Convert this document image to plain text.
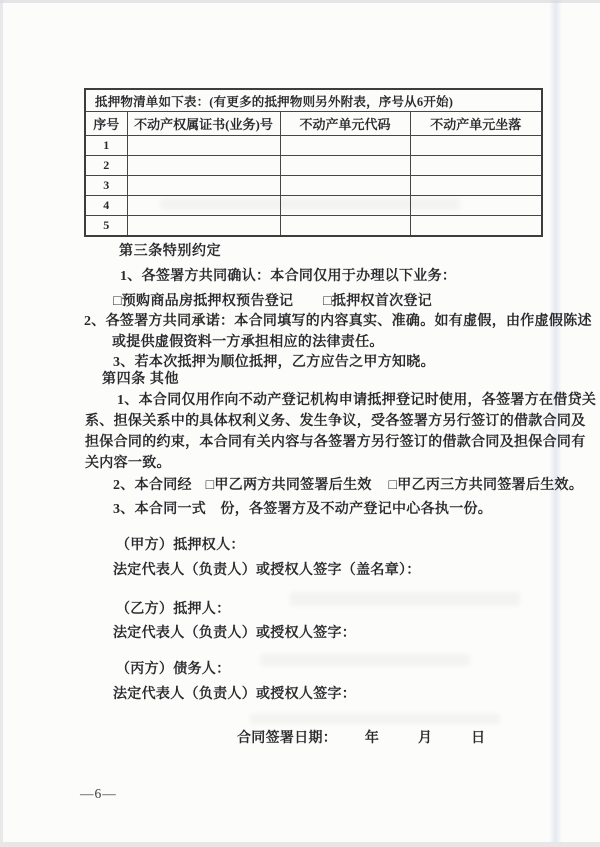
抵押物清单如下表：(有更多的抵押物则另外附表，序号从6开始)			
序号	不动产权属证书(业务)号	不动产单元代码	不动产单元坐落
1			
2			
3			
4			
5			
第三条特别约定
1、各签署方共同确认：本合同仅用于办理以下业务：
□预购商品房抵押权预告登记 □抵押权首次登记
2、各签署方共同承诺：本合同填写的内容真实、准确。如有虚假，由作虚假陈述
或提供虚假资料一方承担相应的法律责任。
3、若本次抵押为顺位抵押，乙方应告之甲方知晓。
第四条 其他
1、本合同仅用作向不动产登记机构申请抵押登记时使用，各签署方在借贷关
系、担保关系中的具体权利义务、发生争议，受各签署方另行签订的借款合同及
担保合同的约束，本合同有关内容与各签署方另行签订的借款合同及担保合同有
关内容一致。
2、本合同经 □甲乙两方共同签署后生效 □甲乙丙三方共同签署后生效。
3、本合同一式　份，各签署方及不动产登记中心各执一份。
（甲方）抵押权人：
法定代表人（负责人）或授权人签字（盖名章）：
（乙方）抵押人：
法定代表人（负责人）或授权人签字：
（丙方）债务人：
法定代表人（负责人）或授权人签字：
合同签署日期： 年	月	日
—6—
